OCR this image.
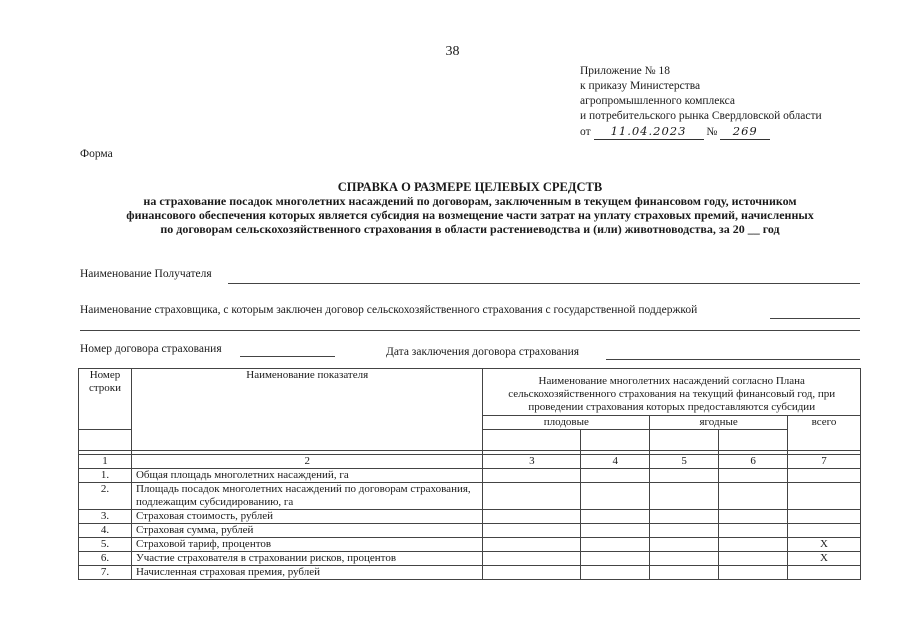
38
Приложение № 18
к приказу Министерства
агропромышленного комплекса
и потребительского рынка Свердловской области
от 11.04.2023 № 269
Форма
СПРАВКА О РАЗМЕРЕ ЦЕЛЕВЫХ СРЕДСТВ
на страхование посадок многолетних насаждений по договорам, заключенным в текущем финансовом году, источником
финансового обеспечения которых является субсидия на возмещение части затрат на уплату страховых премий, начисленных
по договорам сельскохозяйственного страхования в области растениеводства и (или) животноводства, за 20 __ год
Наименование Получателя
Наименование страховщика, с которым заключен договор сельскохозяйственного страхования с государственной поддержкой
Номер договора страхования	Дата заключения договора страхования
Номер строки	Наименование показателя	Наименование многолетних насаждений согласно Плана сельскохозяйственного страхования на текущий финансовый год, при проведении страхования которых предоставляются субсидии				
		плодовые		ягодные		всего

1	2	3	4	5	6	7
1.	Общая площадь многолетних насаждений, га					
2.	Площадь посадок многолетних насаждений по договорам страхования, подлежащим субсидированию, га					
3.	Страховая стоимость, рублей					
4.	Страховая сумма, рублей					
5.	Страховой тариф, процентов					Х
6.	Участие страхователя в страховании рисков, процентов					Х
7.	Начисленная страховая премия, рублей					
